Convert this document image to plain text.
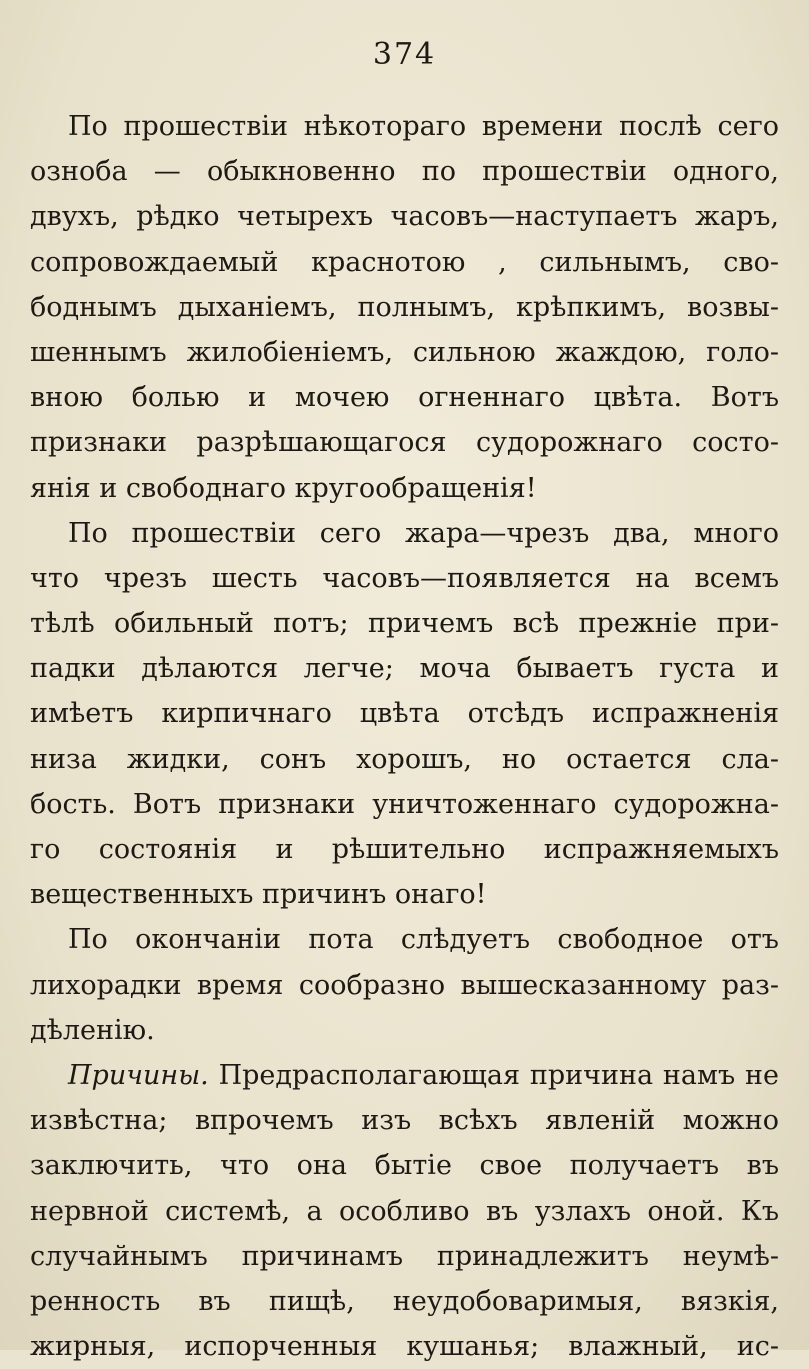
374
По прошествіи нѣкотораго времени послѣ сего
озноба — обыкновенно по прошествіи одного,
двухъ, рѣдко четырехъ часовъ—наступаетъ жаръ,
сопровождаемый краснотою , сильнымъ, сво-
боднымъ дыханіемъ, полнымъ, крѣпкимъ, возвы-
шеннымъ жилобіеніемъ, сильною жаждою, голо-
вною болью и мочею огненнаго цвѣта. Вотъ
признаки разрѣшающагося судорожнаго состо-
янія и свободнаго кругообращенія!
По прошествіи сего жара—чрезъ два, много
что чрезъ шесть часовъ—появляется на всемъ
тѣлѣ обильный потъ; причемъ всѣ прежніе при-
падки дѣлаются легче; моча бываетъ густа и
имѣетъ кирпичнаго цвѣта отсѣдъ испражненія
низа жидки, сонъ хорошъ, но остается сла-
бость. Вотъ признаки уничтоженнаго судорожна-
го состоянія и рѣшительно испражняемыхъ
вещественныхъ причинъ онаго!
По окончаніи пота слѣдуетъ свободное отъ
лихорадки время сообразно вышесказанному раз-
дѣленію.
Причины. Предрасполагающая причина намъ не
извѣстна; впрочемъ изъ всѣхъ явленій можно
заключить, что она бытіе свое получаетъ въ
нервной системѣ, а особливо въ узлахъ оной. Къ
случайнымъ причинамъ принадлежитъ неумѣ-
ренность въ пищѣ, неудобоваримыя, вязкія,
жирныя, испорченныя кушанья; влажный, ис-
